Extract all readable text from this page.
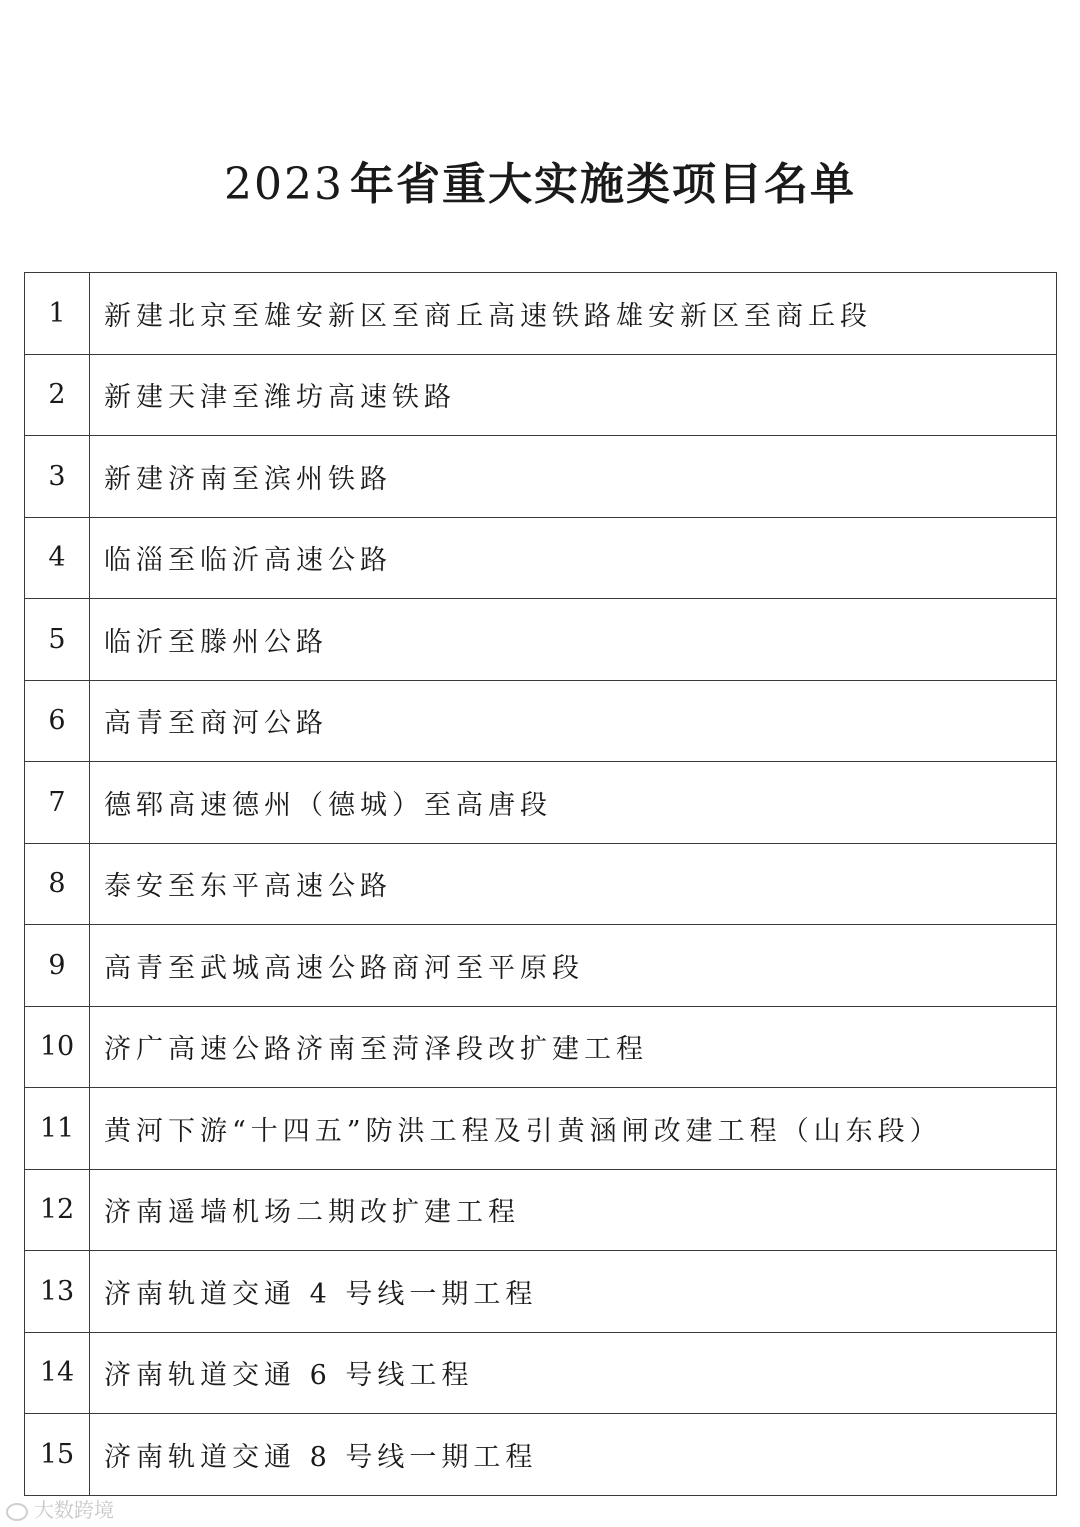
2023 年省重大实施类项目名单
1	新建北京至雄安新区至商丘高速铁路雄安新区至商丘段
2	新建天津至潍坊高速铁路
3	新建济南至滨州铁路
4	临淄至临沂高速公路
5	临沂至滕州公路
6	高青至商河公路
7	德郓高速德州（德城）至高唐段
8	泰安至东平高速公路
9	高青至武城高速公路商河至平原段
10	济广高速公路济南至菏泽段改扩建工程
11	黄河下游“十四五”防洪工程及引黄涵闸改建工程（山东段）
12	济南遥墙机场二期改扩建工程
13	济南轨道交通 4 号线一期工程
14	济南轨道交通 6 号线工程
15	济南轨道交通 8 号线一期工程
大数跨境
